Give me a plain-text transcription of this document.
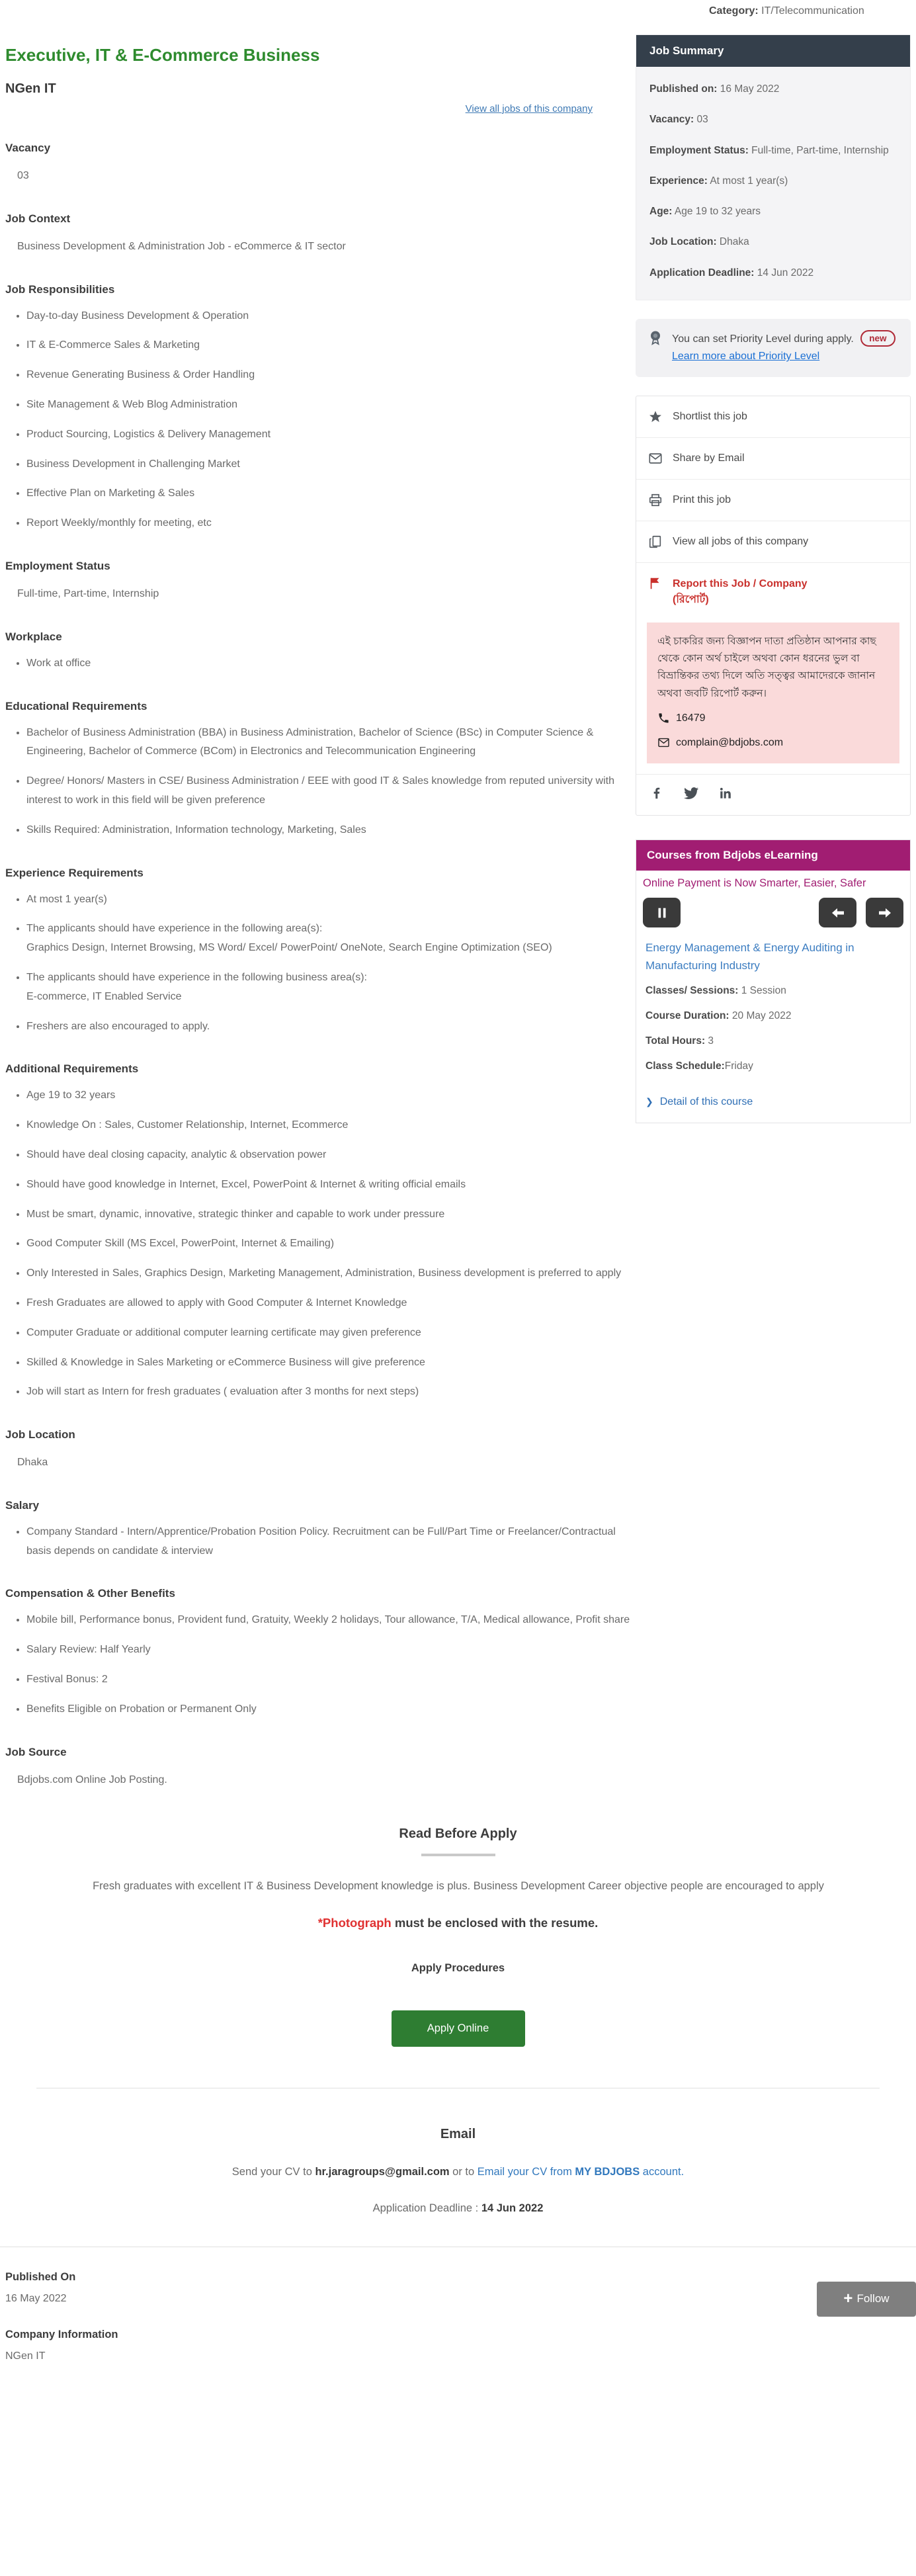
Category: IT/Telecommunication
Executive, IT & E-Commerce Business
NGen IT
View all jobs of this company
Vacancy
03
Job Context
Business Development & Administration Job - eCommerce & IT sector
Job Responsibilities
• Day-to-day Business Development & Operation
• IT & E-Commerce Sales & Marketing
• Revenue Generating Business & Order Handling
• Site Management & Web Blog Administration
• Product Sourcing, Logistics & Delivery Management
• Business Development in Challenging Market
• Effective Plan on Marketing & Sales
• Report Weekly/monthly for meeting, etc
Employment Status
Full-time, Part-time, Internship
Workplace
• Work at office
Educational Requirements
• Bachelor of Business Administration (BBA) in Business Administration, Bachelor of Science (BSc) in Computer Science & Engineering, Bachelor of Commerce (BCom) in Electronics and Telecommunication Engineering
• Degree/ Honors/ Masters in CSE/ Business Administration / EEE with good IT & Sales knowledge from reputed university with interest to work in this field will be given preference
• Skills Required: Administration, Information technology, Marketing, Sales
Experience Requirements
• At most 1 year(s)
• The applicants should have experience in the following area(s):
Graphics Design, Internet Browsing, MS Word/ Excel/ PowerPoint/ OneNote, Search Engine Optimization (SEO)
• The applicants should have experience in the following business area(s):
E-commerce, IT Enabled Service
• Freshers are also encouraged to apply.
Additional Requirements
• Age 19 to 32 years
• Knowledge On : Sales, Customer Relationship, Internet, Ecommerce
• Should have deal closing capacity, analytic & observation power
• Should have good knowledge in Internet, Excel, PowerPoint & Internet & writing official emails
• Must be smart, dynamic, innovative, strategic thinker and capable to work under pressure
• Good Computer Skill (MS Excel, PowerPoint, Internet & Emailing)
• Only Interested in Sales, Graphics Design, Marketing Management, Administration, Business development is preferred to apply
• Fresh Graduates are allowed to apply with Good Computer & Internet Knowledge
• Computer Graduate or additional computer learning certificate may given preference
• Skilled & Knowledge in Sales Marketing or eCommerce Business will give preference
• Job will start as Intern for fresh graduates ( evaluation after 3 months for next steps)
Job Location
Dhaka
Salary
• Company Standard - Intern/Apprentice/Probation Position Policy. Recruitment can be Full/Part Time or Freelancer/Contractual basis depends on candidate & interview
Compensation & Other Benefits
• Mobile bill, Performance bonus, Provident fund, Gratuity, Weekly 2 holidays, Tour allowance, T/A, Medical allowance, Profit share
• Salary Review: Half Yearly
• Festival Bonus: 2
• Benefits Eligible on Probation or Permanent Only
Job Source
Bdjobs.com Online Job Posting.
Job Summary
Published on: 16 May 2022
Vacancy: 03
Employment Status: Full-time, Part-time, Internship
Experience: At most 1 year(s)
Age: Age 19 to 32 years
Job Location: Dhaka
Application Deadline: 14 Jun 2022
You can set Priority Level during apply. new
Learn more about Priority Level
Shortlist this job
Share by Email
Print this job
View all jobs of this company
Report this Job / Company
(রিপোর্ট)
এই চাকরির জন্য বিজ্ঞাপন দাতা প্রতিষ্ঠান আপনার কাছ থেকে কোন অর্থ চাইলে অথবা কোন ধরনের ভুল বা বিভ্রান্তিকর তথ্য দিলে অতি সত্ত্বর আমাদেরকে জানান অথবা জবটি রিপোর্ট করুন।
16479
complain@bdjobs.com
Courses from Bdjobs eLearning
Online Payment is Now Smarter, Easier, Safer
Energy Management & Energy Auditing in Manufacturing Industry
Classes/ Sessions: 1 Session
Course Duration: 20 May 2022
Total Hours: 3
Class Schedule:Friday
❯ Detail of this course
Read Before Apply
Fresh graduates with excellent IT & Business Development knowledge is plus. Business Development Career objective people are encouraged to apply
*Photograph must be enclosed with the resume.
Apply Procedures
Apply Online
Email
Send your CV to hr.jaragroups@gmail.com or to Email your CV from MY BDJOBS account.
Application Deadline : 14 Jun 2022
+ Follow
Published On
16 May 2022
Company Information
NGen IT
